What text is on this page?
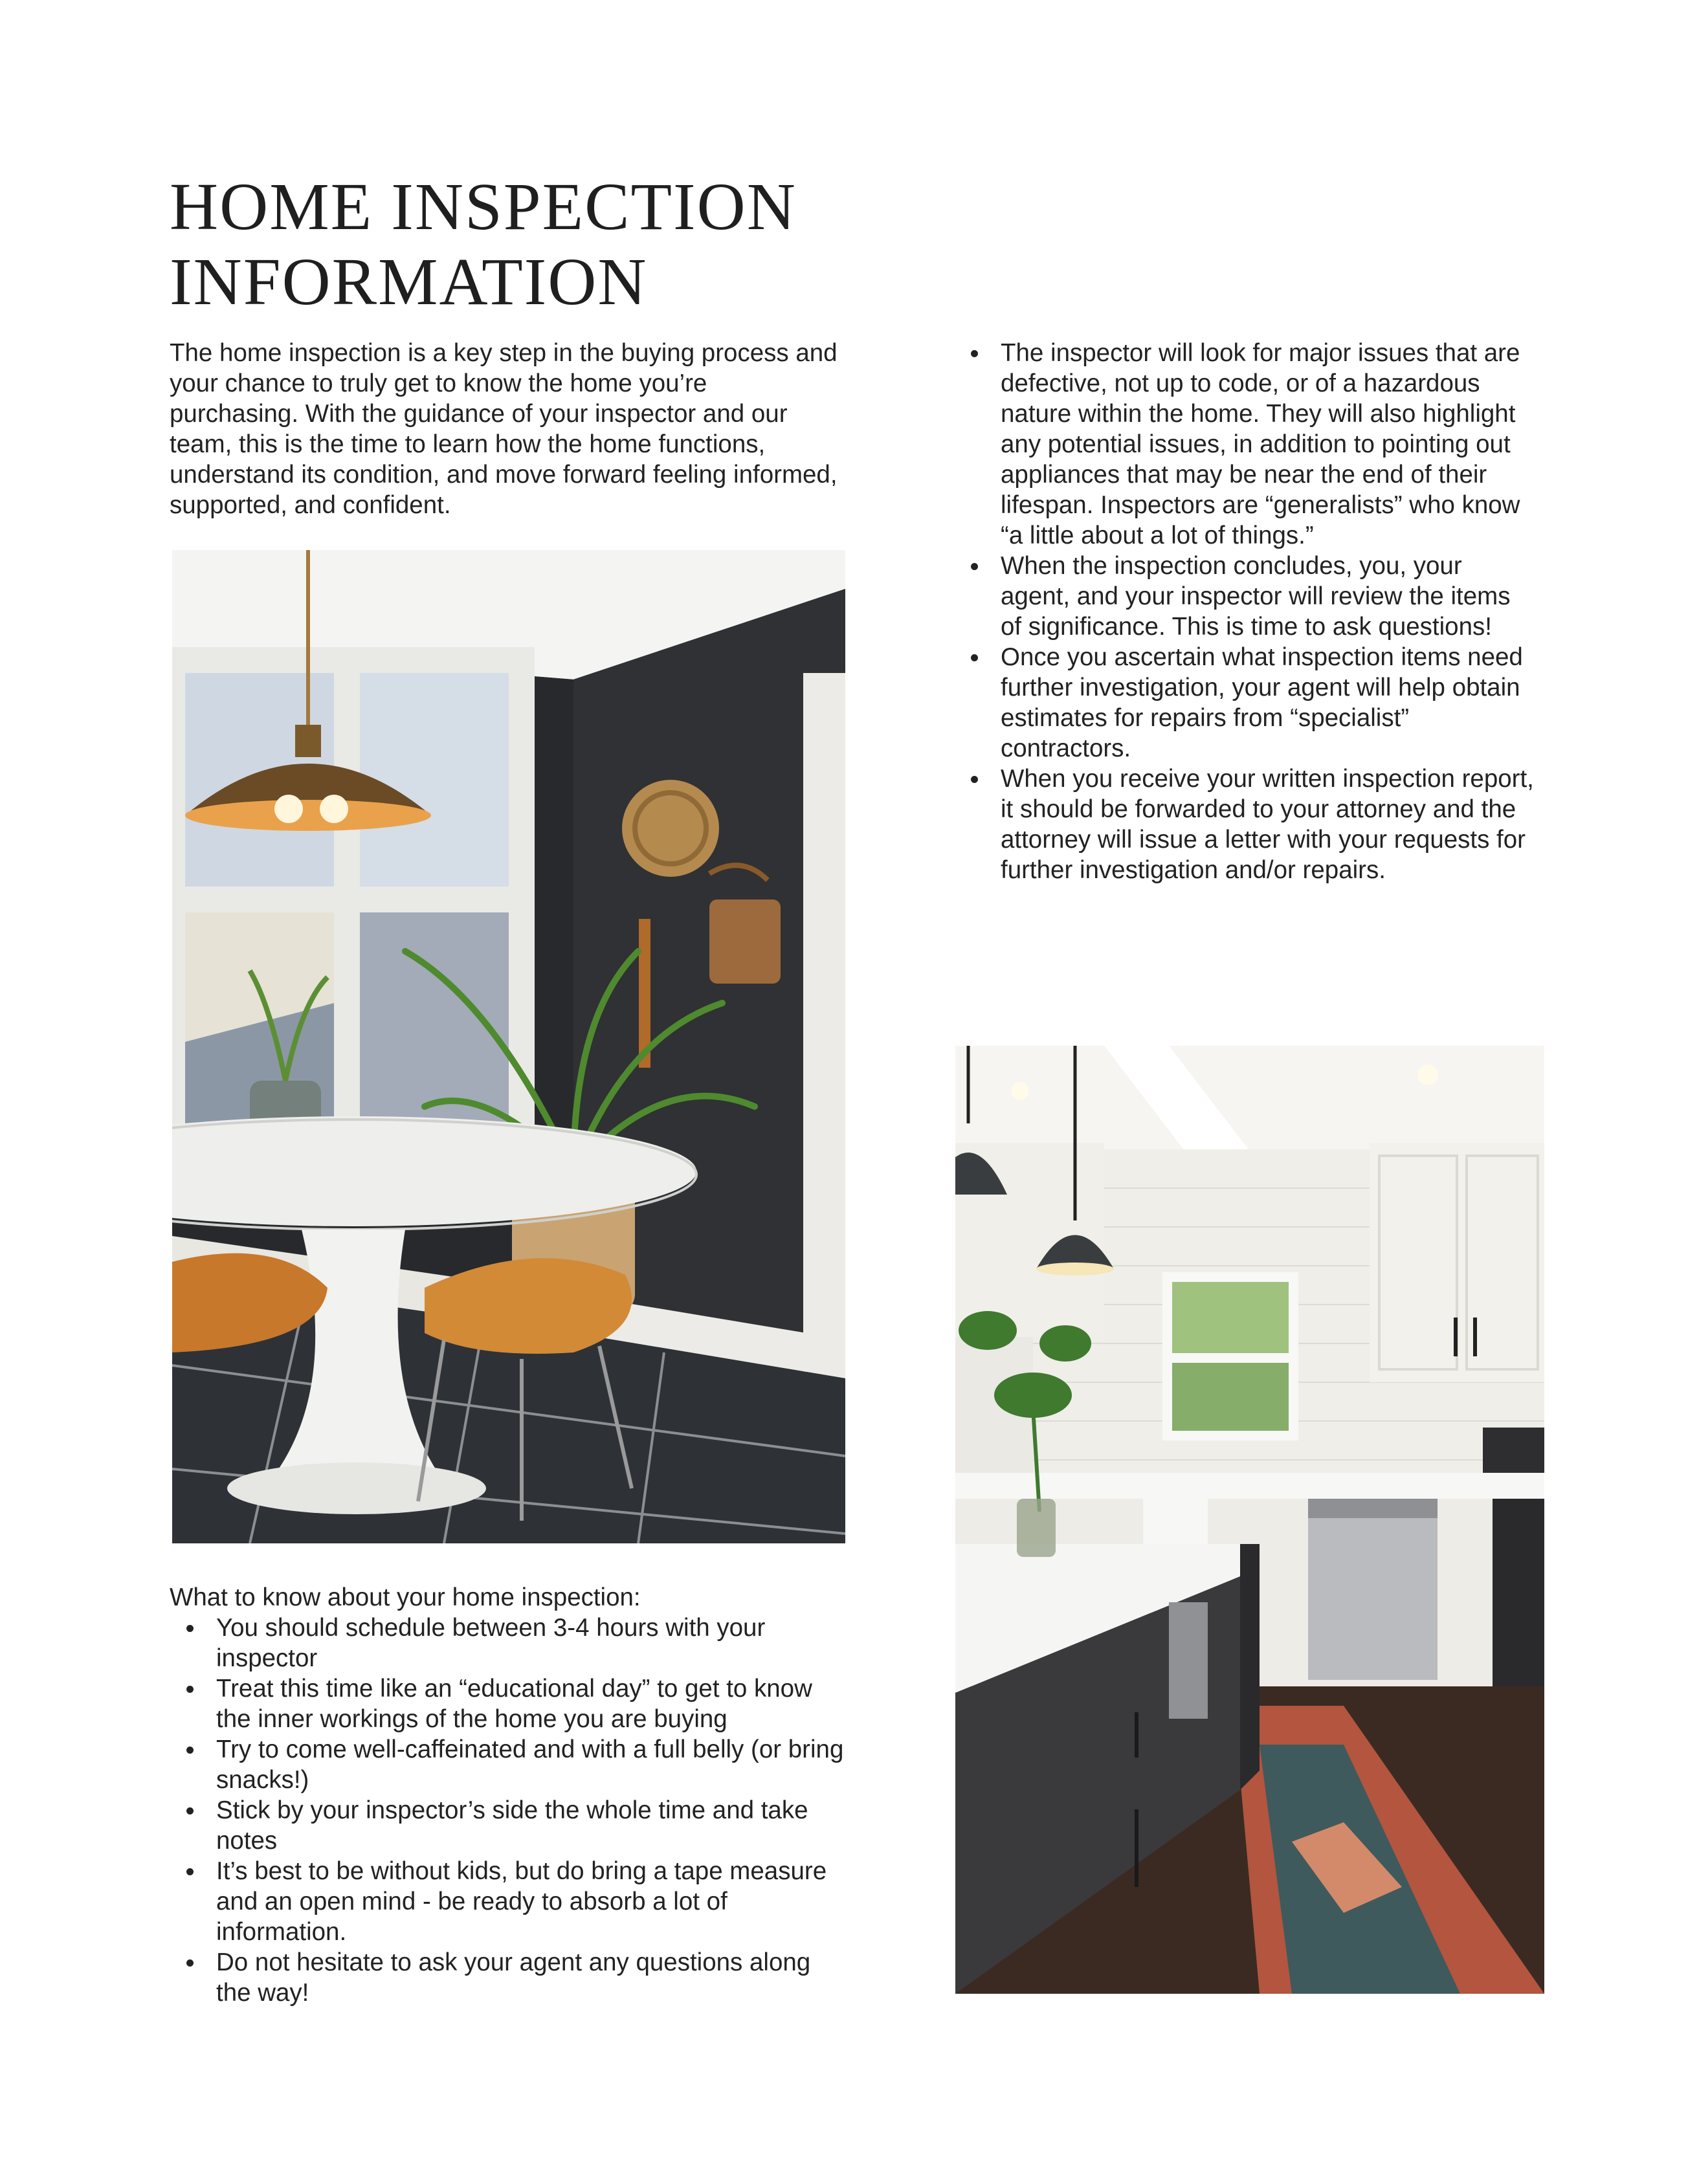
HOME INSPECTION
INFORMATION

The home inspection is a key step in the buying process and your chance to truly get to know the home you’re purchasing. With the guidance of your inspector and our team, this is the time to learn how the home functions, understand its condition, and move forward feeling informed, supported, and confident.

What to know about your home inspection:

You should schedule between 3-4 hours with your inspector
Treat this time like an “educational day” to get to know the inner workings of the home you are buying
Try to come well-caffeinated and with a full belly (or bring snacks!)
Stick by your inspector’s side the whole time and take notes
It’s best to be without kids, but do bring a tape measure and an open mind - be ready to absorb a lot of information.
Do not hesitate to ask your agent any questions along the way!
The inspector will look for major issues that are defective, not up to code, or of a hazardous nature within the home. They will also highlight any potential issues, in addition to pointing out appliances that may be near the end of their lifespan. Inspectors are “generalists” who know “a little about a lot of things.”
When the inspection concludes, you, your agent, and your inspector will review the items of significance. This is time to ask questions!
Once you ascertain what inspection items need further investigation, your agent will help obtain estimates for repairs from “specialist” contractors.
When you receive your written inspection report, it should be forwarded to your attorney and the attorney will issue a letter with your requests for further investigation and/or repairs.
